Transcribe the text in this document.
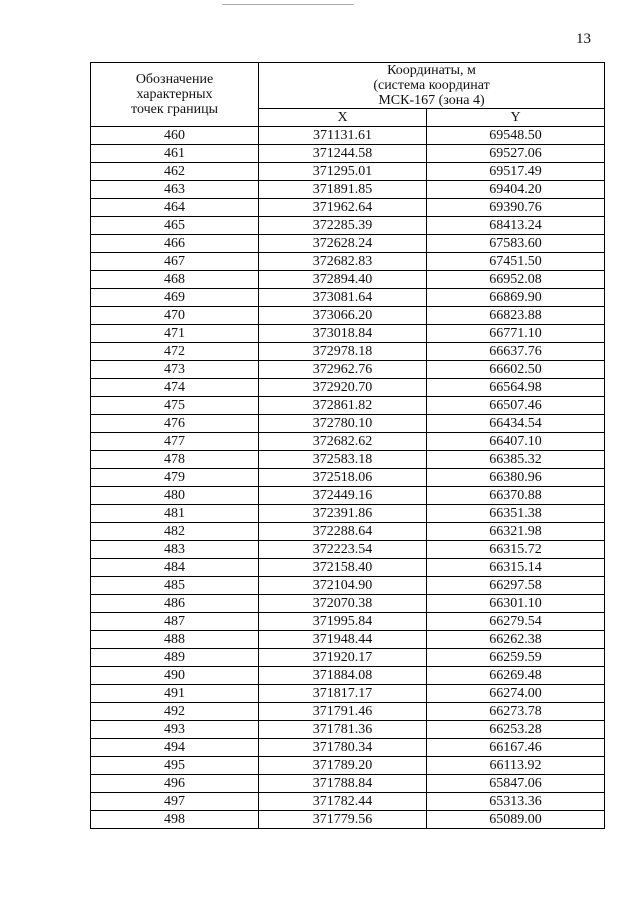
13
Обозначение
характерных
точек границы	Координаты, м
(система координат
МСК-167 (зона 4)	

	X	Y
460	371131.61	69548.50
461	371244.58	69527.06
462	371295.01	69517.49
463	371891.85	69404.20
464	371962.64	69390.76
465	372285.39	68413.24
466	372628.24	67583.60
467	372682.83	67451.50
468	372894.40	66952.08
469	373081.64	66869.90
470	373066.20	66823.88
471	373018.84	66771.10
472	372978.18	66637.76
473	372962.76	66602.50
474	372920.70	66564.98
475	372861.82	66507.46
476	372780.10	66434.54
477	372682.62	66407.10
478	372583.18	66385.32
479	372518.06	66380.96
480	372449.16	66370.88
481	372391.86	66351.38
482	372288.64	66321.98
483	372223.54	66315.72
484	372158.40	66315.14
485	372104.90	66297.58
486	372070.38	66301.10
487	371995.84	66279.54
488	371948.44	66262.38
489	371920.17	66259.59
490	371884.08	66269.48
491	371817.17	66274.00
492	371791.46	66273.78
493	371781.36	66253.28
494	371780.34	66167.46
495	371789.20	66113.92
496	371788.84	65847.06
497	371782.44	65313.36
498	371779.56	65089.00
